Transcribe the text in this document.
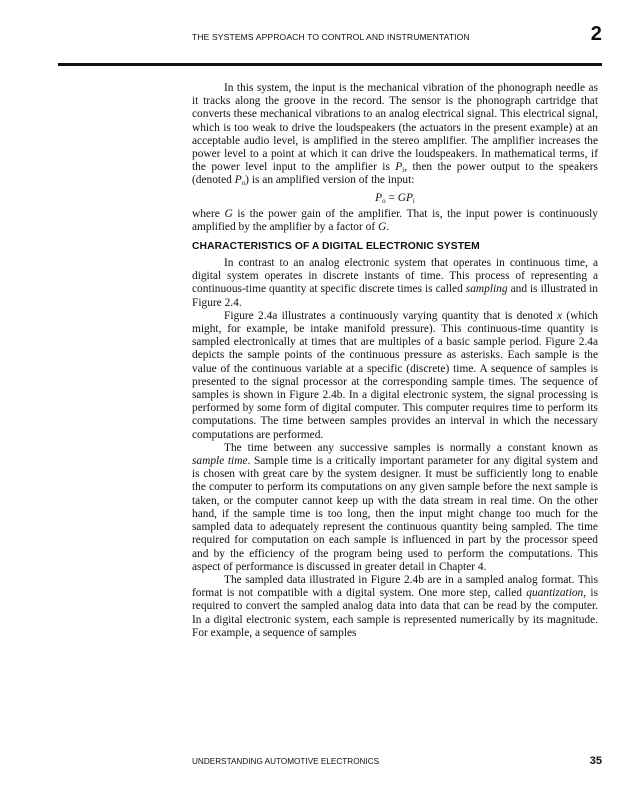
THE SYSTEMS APPROACH TO CONTROL AND INSTRUMENTATION	2

In this system, the input is the mechanical vibration of the phonograph needle as it tracks along the groove in the record. The sensor is the phonograph cartridge that converts these mechanical vibrations to an analog electrical signal. This electrical signal, which is too weak to drive the loudspeakers (the actuators in the present example) at an acceptable audio level, is amplified in the stereo amplifier. The amplifier increases the power level to a point at which it can drive the loudspeakers. In mathematical terms, if the power level input to the amplifier is $P_i$, then the power output to the speakers (denoted $P_o$) is an amplified version of the input:

$P_o = GP_i$

where G is the power gain of the amplifier. That is, the input power is continuously amplified by the amplifier by a factor of G.

CHARACTERISTICS OF A DIGITAL ELECTRONIC SYSTEM

In contrast to an analog electronic system that operates in continuous time, a digital system operates in discrete instants of time. This process of representing a continuous-time quantity at specific discrete times is called sampling and is illustrated in Figure 2.4.

Figure 2.4a illustrates a continuously varying quantity that is denoted x (which might, for example, be intake manifold pressure). This continuous-time quantity is sampled electronically at times that are multiples of a basic sample period. Figure 2.4a depicts the sample points of the continuous pressure as asterisks. Each sample is the value of the continuous variable at a specific (discrete) time. A sequence of samples is presented to the signal processor at the corresponding sample times. The sequence of samples is shown in Figure 2.4b. In a digital electronic system, the signal processing is performed by some form of digital computer. This computer requires time to perform its computations. The time between samples provides an interval in which the necessary computations are performed.

The time between any successive samples is normally a constant known as sample time. Sample time is a critically important parameter for any digital system and is chosen with great care by the system designer. It must be sufficiently long to enable the computer to perform its computations on any given sample before the next sample is taken, or the computer cannot keep up with the data stream in real time. On the other hand, if the sample time is too long, then the input might change too much for the sampled data to adequately represent the continuous quantity being sampled. The time required for computation on each sample is influenced in part by the processor speed and by the efficiency of the program being used to perform the computations. This aspect of performance is discussed in greater detail in Chapter 4.

The sampled data illustrated in Figure 2.4b are in a sampled analog format. This format is not compatible with a digital system. One more step, called quantization, is required to convert the sampled analog data into data that can be read by the computer. In a digital electronic system, each sample is represented numerically by its magnitude. For example, a sequence of samples

UNDERSTANDING AUTOMOTIVE ELECTRONICS	35
